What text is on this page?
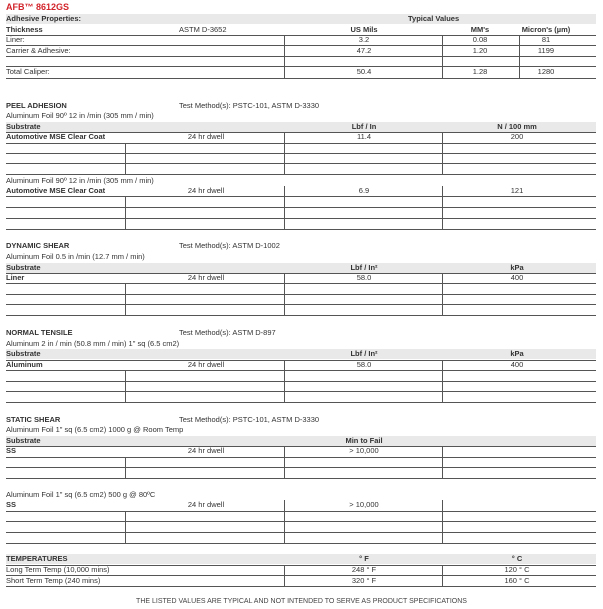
AFB™ 8612GS
Adhesive Properties:	Typical Values
Thickness	ASTM D-3652	US Mils	MM's	Micron's (µm)
Liner:	3.2	0.08	81
Carrier & Adhesive:	47.2	1.20	1199
Total Caliper:	50.4	1.28	1280
PEEL ADHESION	Test Method(s): PSTC-101, ASTM D-3330
Aluminum Foil 90º 12 in /min (305 mm / min)
Substrate	Lbf / In	N / 100 mm
Automotive MSE Clear Coat	24 hr dwell	11.4	200
Aluminum Foil 90º 12 in /min (305 mm / min)
Automotive MSE Clear Coat	24 hr dwell	6.9	121
DYNAMIC SHEAR	Test Method(s): ASTM D-1002
Aluminum Foil 0.5 in /min (12.7 mm / min)
Substrate	Lbf / In²	kPa
Liner	24 hr dwell	58.0	400
NORMAL TENSILE	Test Method(s): ASTM D-897
Aluminum 2 in / min (50.8 mm / min) 1" sq (6.5 cm2)
Substrate	Lbf / In²	kPa
Aluminum	24 hr dwell	58.0	400
STATIC SHEAR	Test Method(s): PSTC-101, ASTM D-3330
Aluminum Foil 1" sq (6.5 cm2) 1000 g @ Room Temp
Substrate	Min to Fail
SS	24 hr dwell	> 10,000
Aluminum Foil 1" sq (6.5 cm2) 500 g @ 80ºC
SS	24 hr dwell	> 10,000
TEMPERATURES	° F	° C
Long Term Temp (10,000 mins)	248 ° F	120 ° C
Short Term Temp (240 mins)	320 ° F	160 ° C
THE LISTED VALUES ARE TYPICAL AND NOT INTENDED TO SERVE AS PRODUCT SPECIFICATIONS
